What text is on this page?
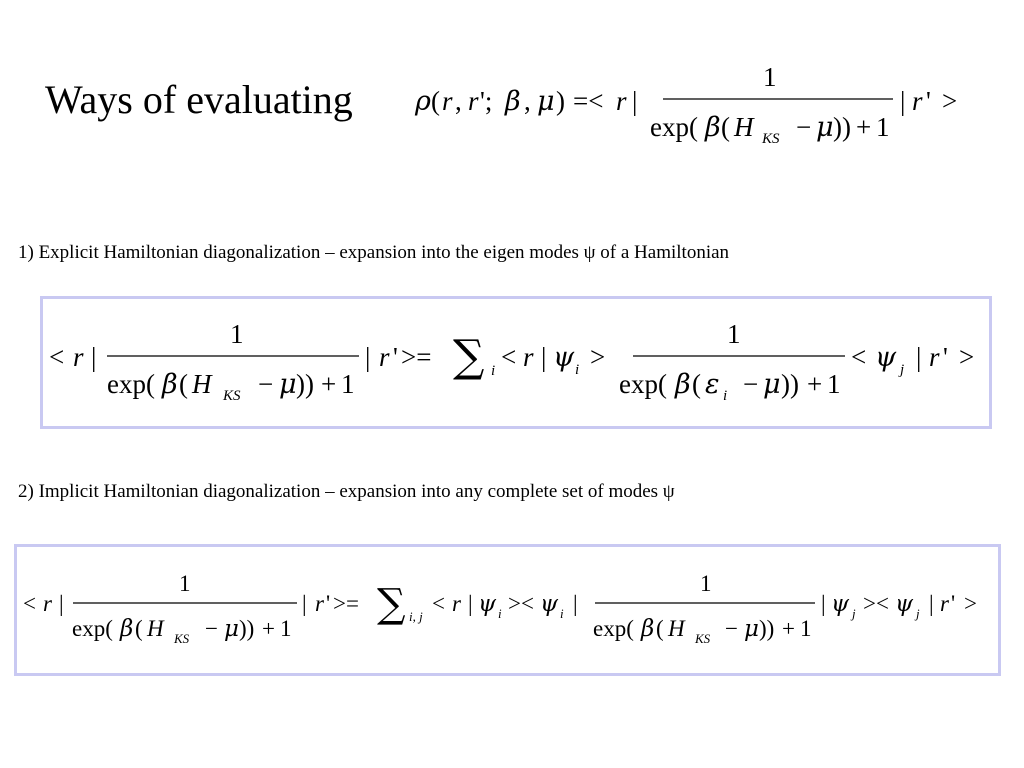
Ways of evaluating ρ ( r , r '; β , μ ) =< r |
1
exp( β ( H KS − μ )) + 1
| r ' >
1) Explicit Hamiltonian diagonalization – expansion into the eigen modes ψ of a Hamiltonian
< r |
1
exp( β ( H KS − μ )) + 1
| r ' >= ∑ i < r | ψ i >
1
exp( β ( ε i − μ )) + 1
< ψ j | r ' >
2) Implicit Hamiltonian diagonalization – expansion into any complete set of modes ψ
< r |
1
exp( β ( H KS − μ )) + 1
| r ' >= ∑ i, j
< r | ψ i >< ψ i |
1
exp( β ( H KS − μ )) + 1
| ψ j >< ψ j | r ' >
